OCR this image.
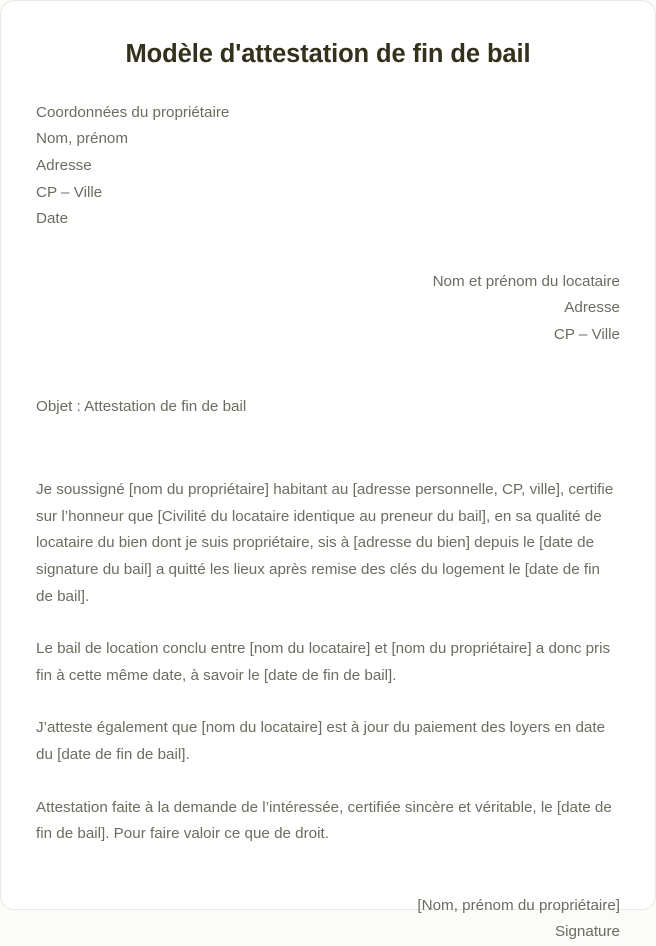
Modèle d'attestation de fin de bail
Coordonnées du propriétaire
Nom, prénom
Adresse
CP – Ville
Date
Nom et prénom du locataire
Adresse
CP – Ville
Objet : Attestation de fin de bail

Je soussigné [nom du propriétaire] habitant au [adresse personnelle, CP, ville], certifie sur l’honneur que [Civilité du locataire identique au preneur du bail], en sa qualité de locataire du bien dont je suis propriétaire, sis à [adresse du bien] depuis le [date de signature du bail] a quitté les lieux après remise des clés du logement le [date de fin de bail].

Le bail de location conclu entre [nom du locataire] et [nom du propriétaire] a donc pris fin à cette même date, à savoir le [date de fin de bail].

J’atteste également que [nom du locataire] est à jour du paiement des loyers en date du [date de fin de bail].

Attestation faite à la demande de l’intéressée, certifiée sincère et véritable, le [date de fin de bail]. Pour faire valoir ce que de droit.

[Nom, prénom du propriétaire]
Signature
